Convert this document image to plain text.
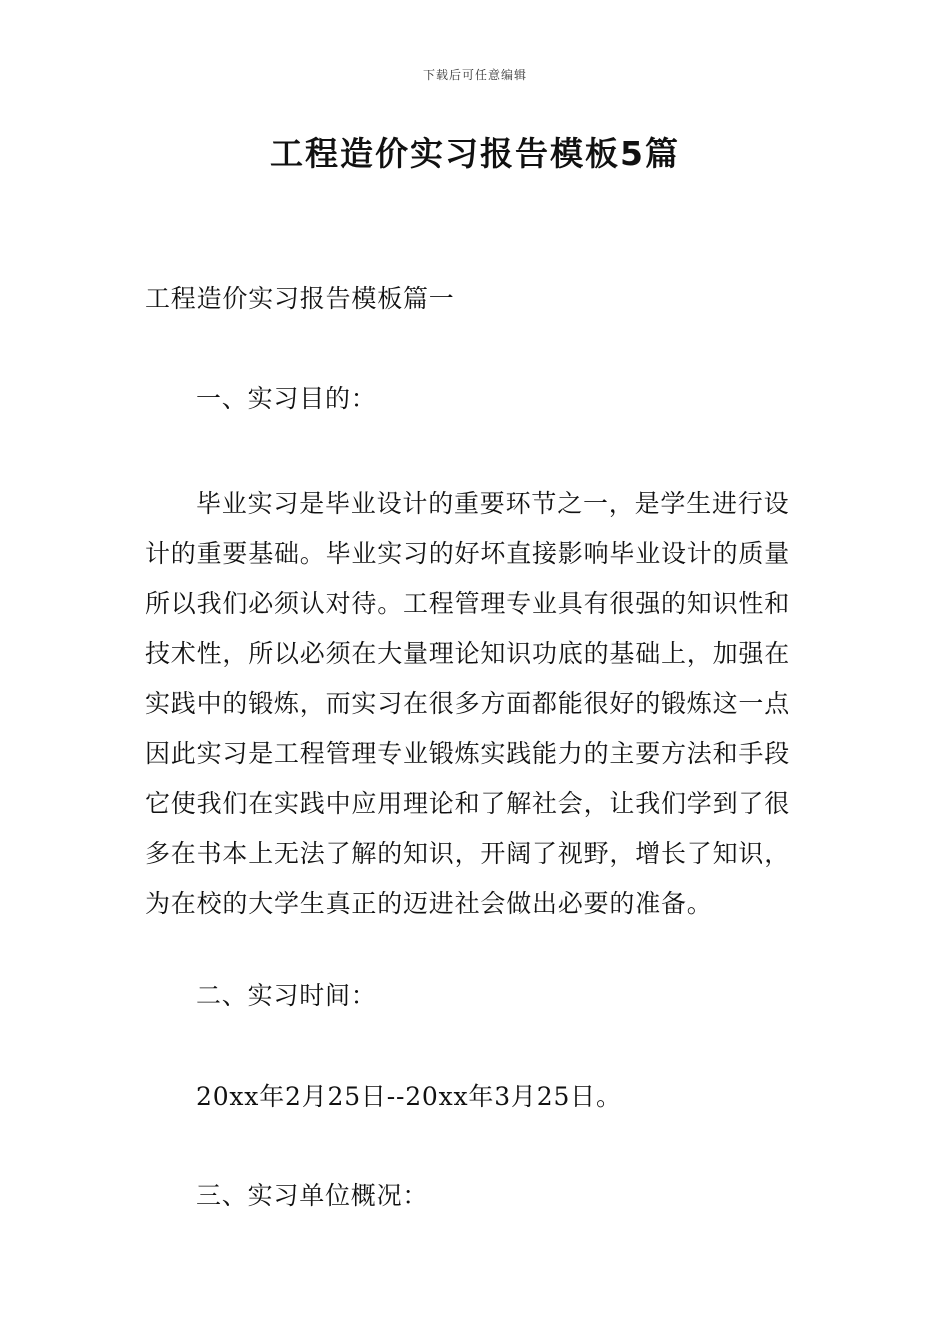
下载后可任意编辑
工程造价实习报告模板5篇
工程造价实习报告模板篇一
一、实习目的：
毕业实习是毕业设计的重要环节之一，是学生进行设
计的重要基础。毕业实习的好坏直接影响毕业设计的质量
所以我们必须认对待。工程管理专业具有很强的知识性和
技术性，所以必须在大量理论知识功底的基础上，加强在
实践中的锻炼，而实习在很多方面都能很好的锻炼这一点
因此实习是工程管理专业锻炼实践能力的主要方法和手段
它使我们在实践中应用理论和了解社会，让我们学到了很
多在书本上无法了解的知识，开阔了视野，增长了知识，
为在校的大学生真正的迈进社会做出必要的准备。
二、实习时间：
20xx年2月25日--20xx年3月25日。
三、实习单位概况：
